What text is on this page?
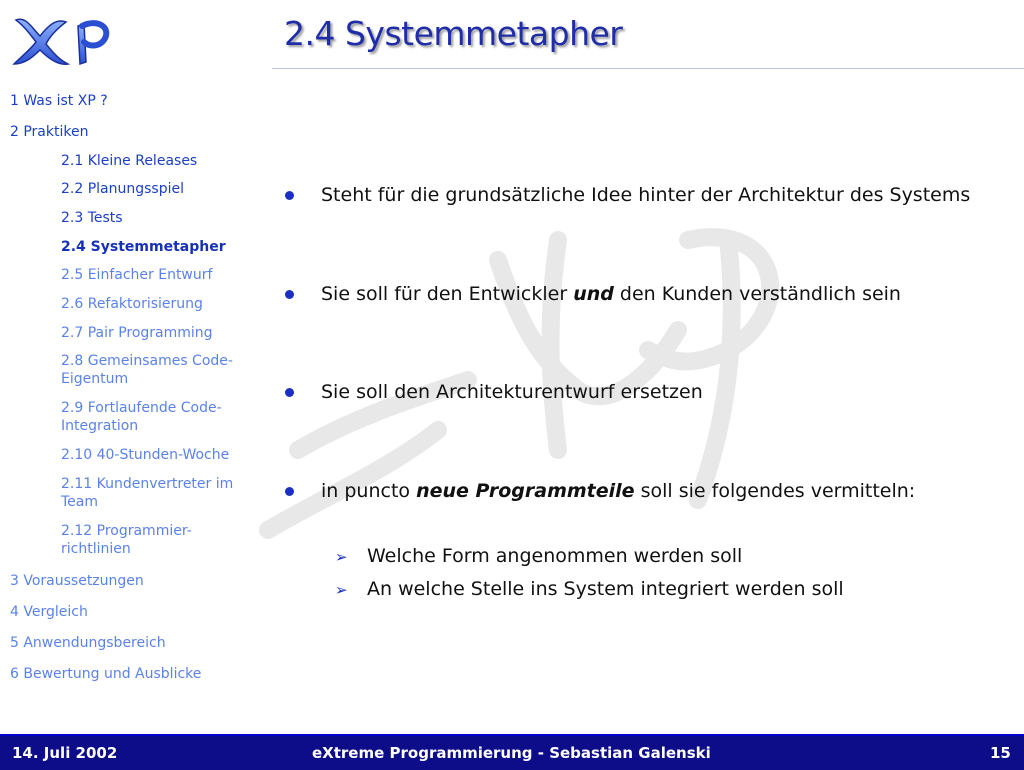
2.4 Systemmetapher
1 Was ist XP ?
2 Praktiken
2.1 Kleine Releases
2.2 Planungsspiel
2.3 Tests
2.4 Systemmetapher
2.5 Einfacher Entwurf
2.6 Refaktorisierung
2.7 Pair Programming
2.8 Gemeinsames Code-Eigentum
2.9 Fortlaufende Code-Integration
2.10 40-Stunden-Woche
2.11 Kundenvertreter im Team
2.12 Programmier-richtlinien
3 Voraussetzungen
4 Vergleich
5 Anwendungsbereich
6 Bewertung und Ausblicke
Steht für die grundsätzliche Idee hinter der Architektur des Systems
Sie soll für den Entwickler und den Kunden verständlich sein
Sie soll den Architekturentwurf ersetzen
in puncto neue Programmteile soll sie folgendes vermitteln:
➢ Welche Form angenommen werden soll
➢ An welche Stelle ins System integriert werden soll
14. Juli 2002	eXtreme Programmierung - Sebastian Galenski	15
